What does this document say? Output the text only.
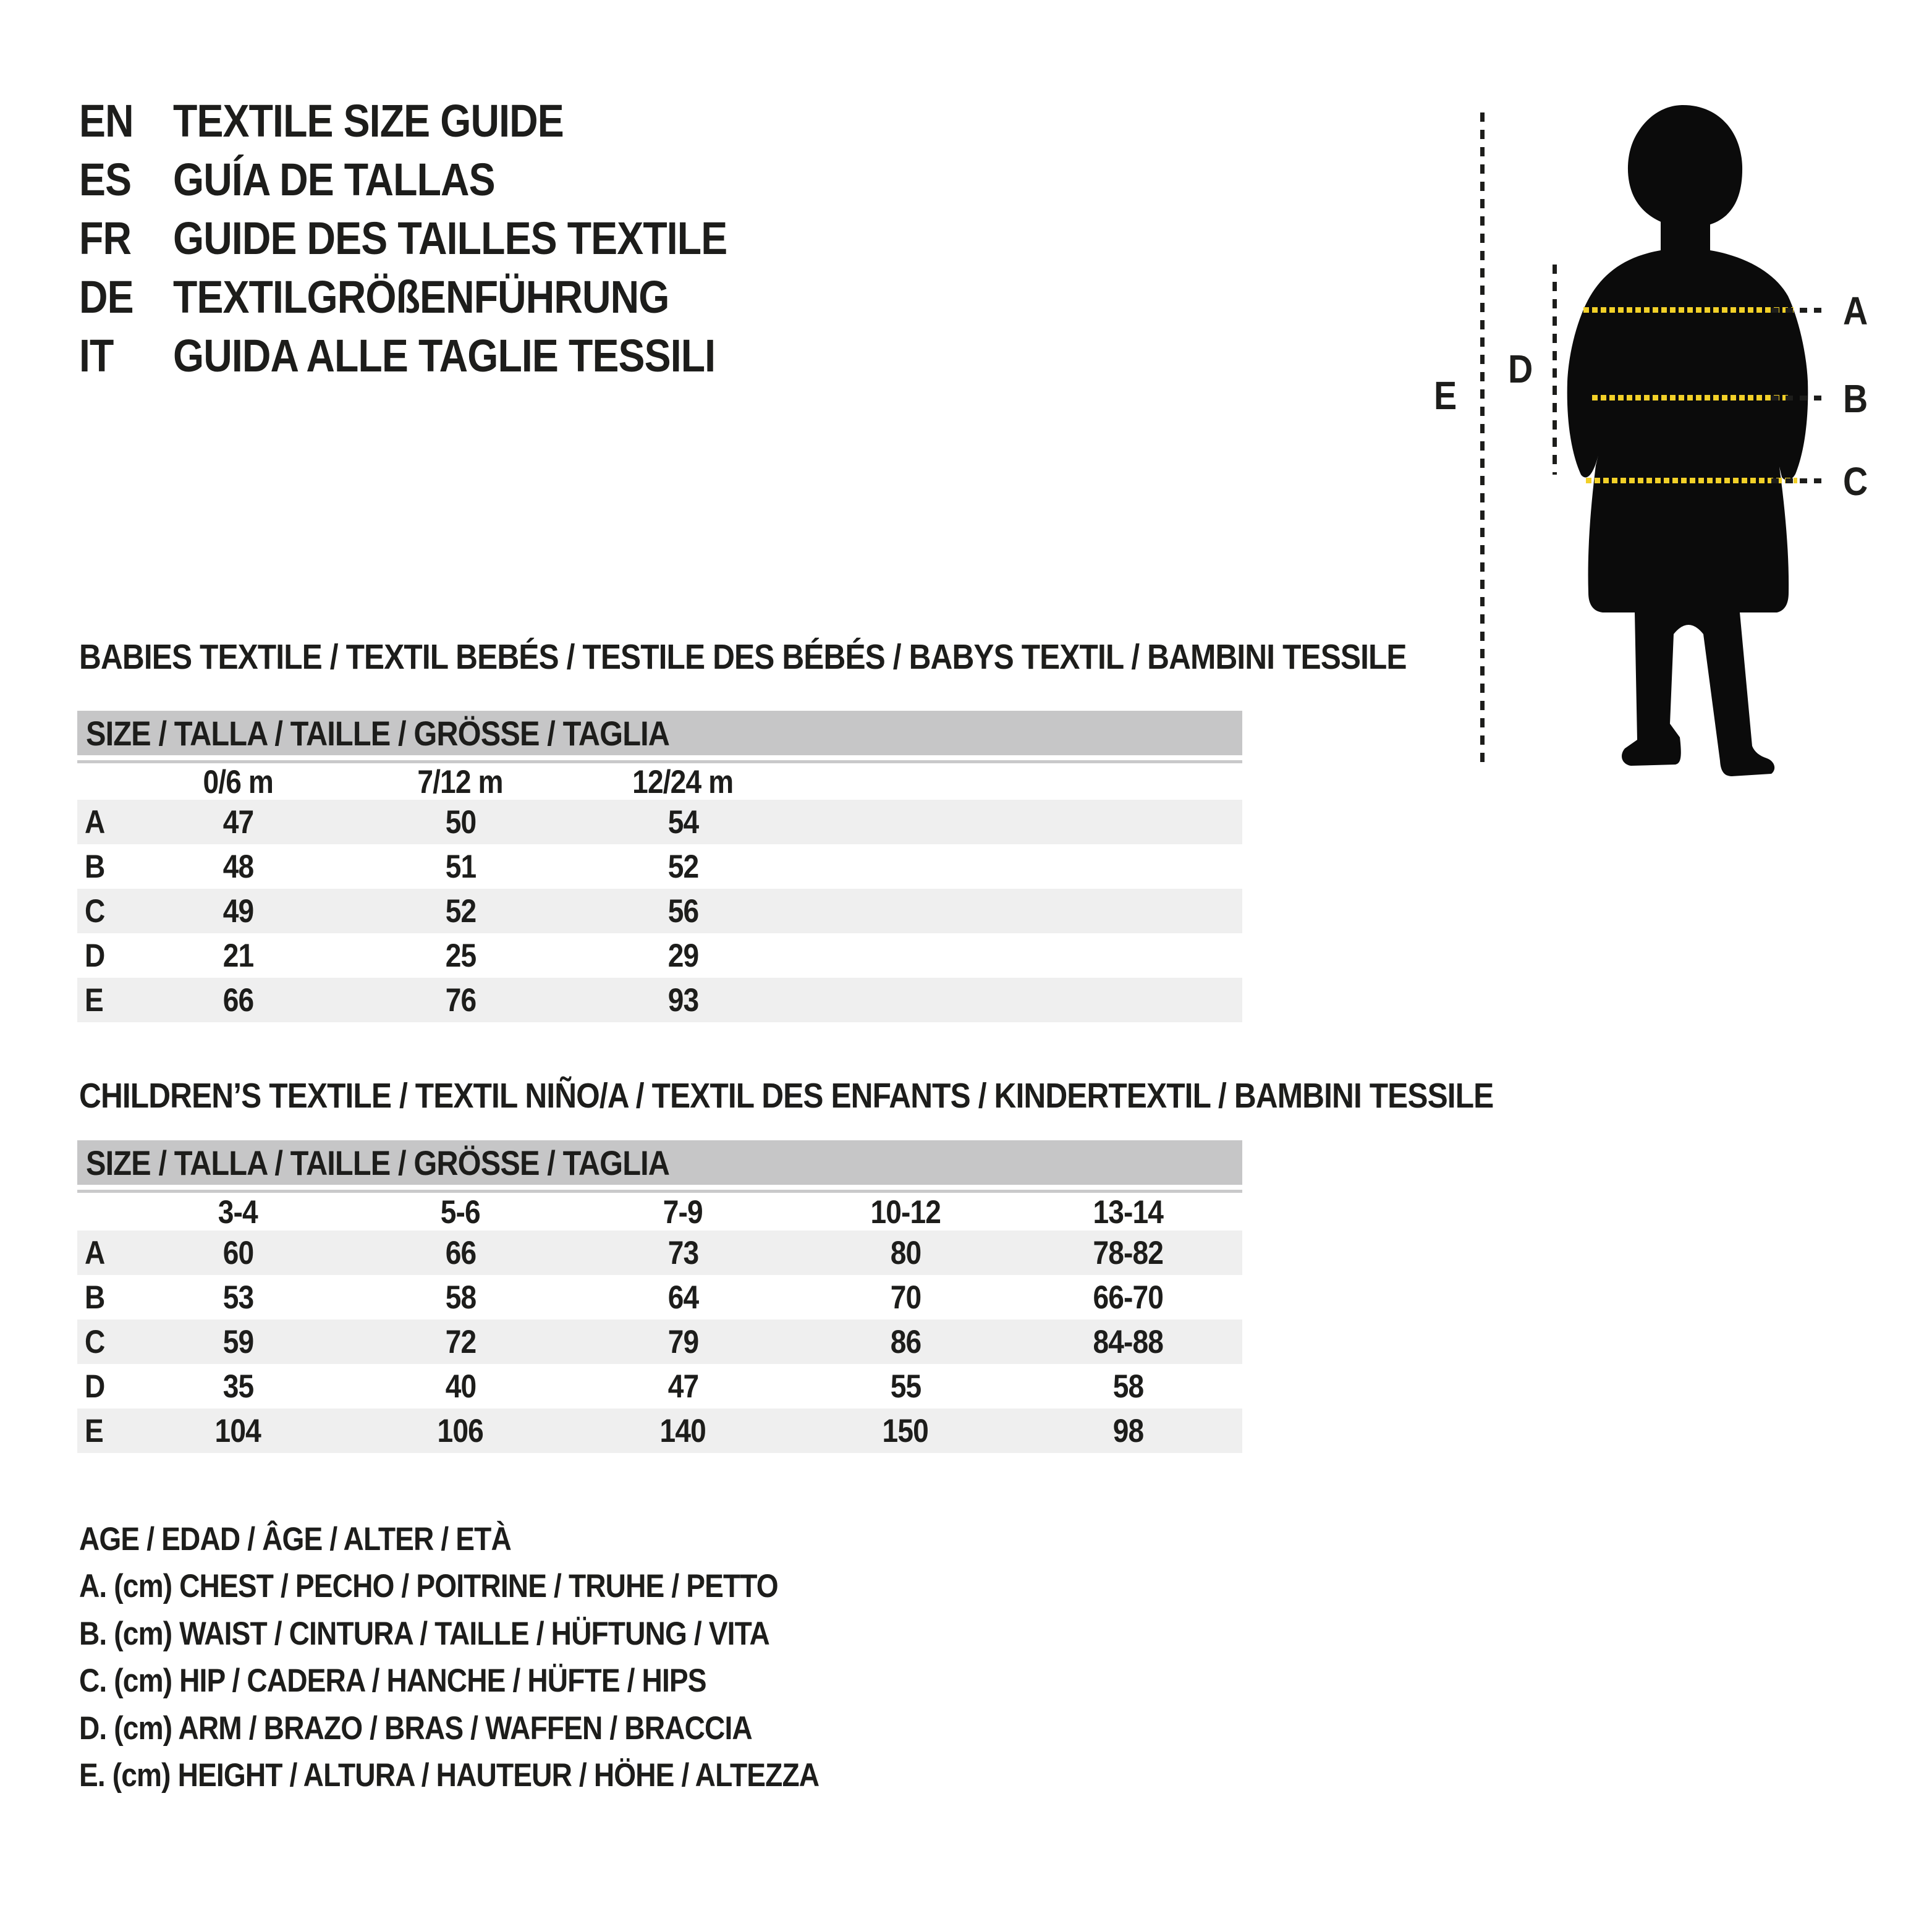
EN TEXTILE SIZE GUIDE
ES GUÍA DE TALLAS
FR GUIDE DES TAILLES TEXTILE
DE TEXTILGRÖßENFÜHRUNG
IT	GUIDA ALLE TAGLIE TESSILI
E
D
A
B
C
BABIES TEXTILE / TEXTIL BEBÉS / TESTILE DES BÉBÉS / BABYS TEXTIL / BAMBINI TESSILE
SIZE / TALLA / TAILLE / GRÖSSE / TAGLIA
0/6 m	7/12 m	12/24 m
A	47	50	54
B	48	51	52
C	49	52	56
D	21	25	29
E	66	76	93
CHILDREN’S TEXTILE / TEXTIL NIÑO/A / TEXTIL DES ENFANTS / KINDERTEXTIL / BAMBINI TESSILE
SIZE / TALLA / TAILLE / GRÖSSE / TAGLIA
3-4	5-6	7-9	10-12	13-14
A	60	66	73	80	78-82
B	53	58	64	70	66-70
C	59	72	79	86	84-88
D	35	40	47	55	58
E	104	106	140	150	98
AGE / EDAD / ÂGE / ALTER / ETÀ
A. (cm) CHEST / PECHO / POITRINE / TRUHE / PETTO
B. (cm) WAIST / CINTURA / TAILLE / HÜFTUNG / VITA
C. (cm) HIP / CADERA / HANCHE / HÜFTE / HIPS
D. (cm) ARM / BRAZO / BRAS / WAFFEN / BRACCIA
E. (cm) HEIGHT / ALTURA / HAUTEUR / HÖHE / ALTEZZA
